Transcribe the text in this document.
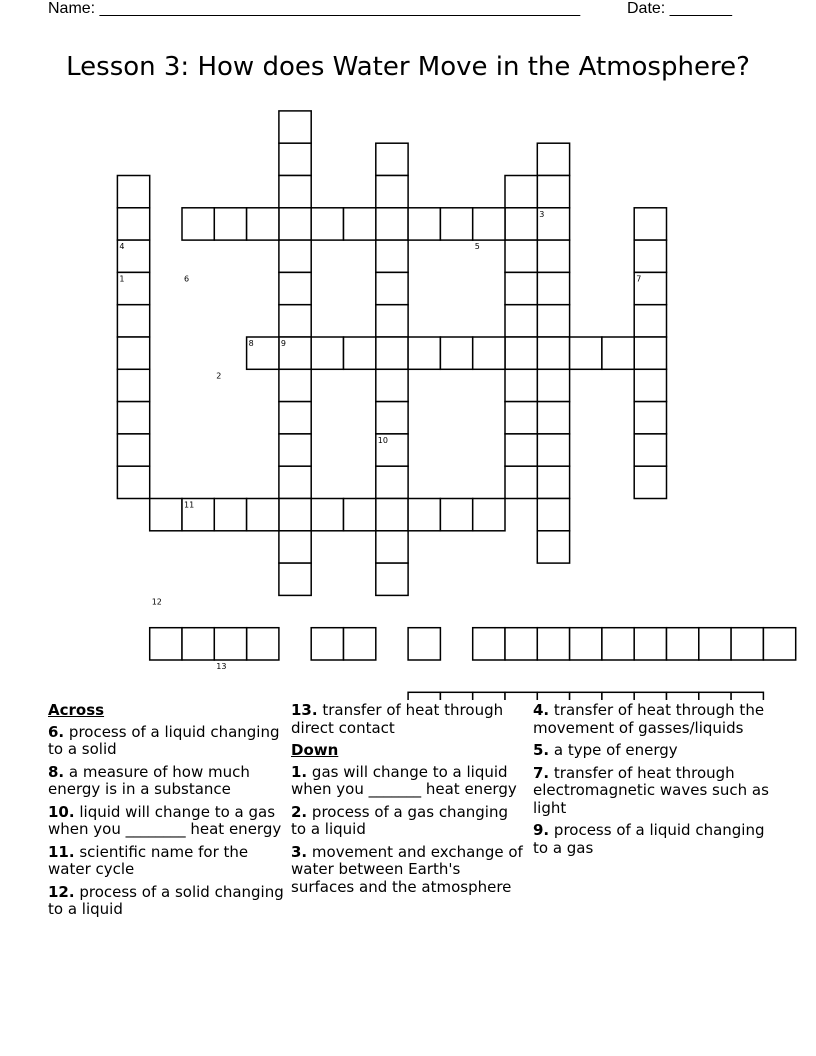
Name: ______________________________________________________	Date: _______
Lesson 3: How does Water Move in the Atmosphere?
1
2
3
4	5
6	7
8	9
10
11
12
13
Across
6. process of a liquid changing to a solid
8. a measure of how much energy is in a substance
10. liquid will change to a gas when you ________ heat energy
11. scientific name for the water cycle
12. process of a solid changing to a liquid
13. transfer of heat through direct contact
Down
1. gas will change to a liquid when you _______ heat energy
2. process of a gas changing to a liquid
3. movement and exchange of water between Earth's surfaces and the atmosphere
4. transfer of heat through the movement of gasses/liquids
5. a type of energy
7. transfer of heat through electromagnetic waves such as light
9. process of a liquid changing to a gas
